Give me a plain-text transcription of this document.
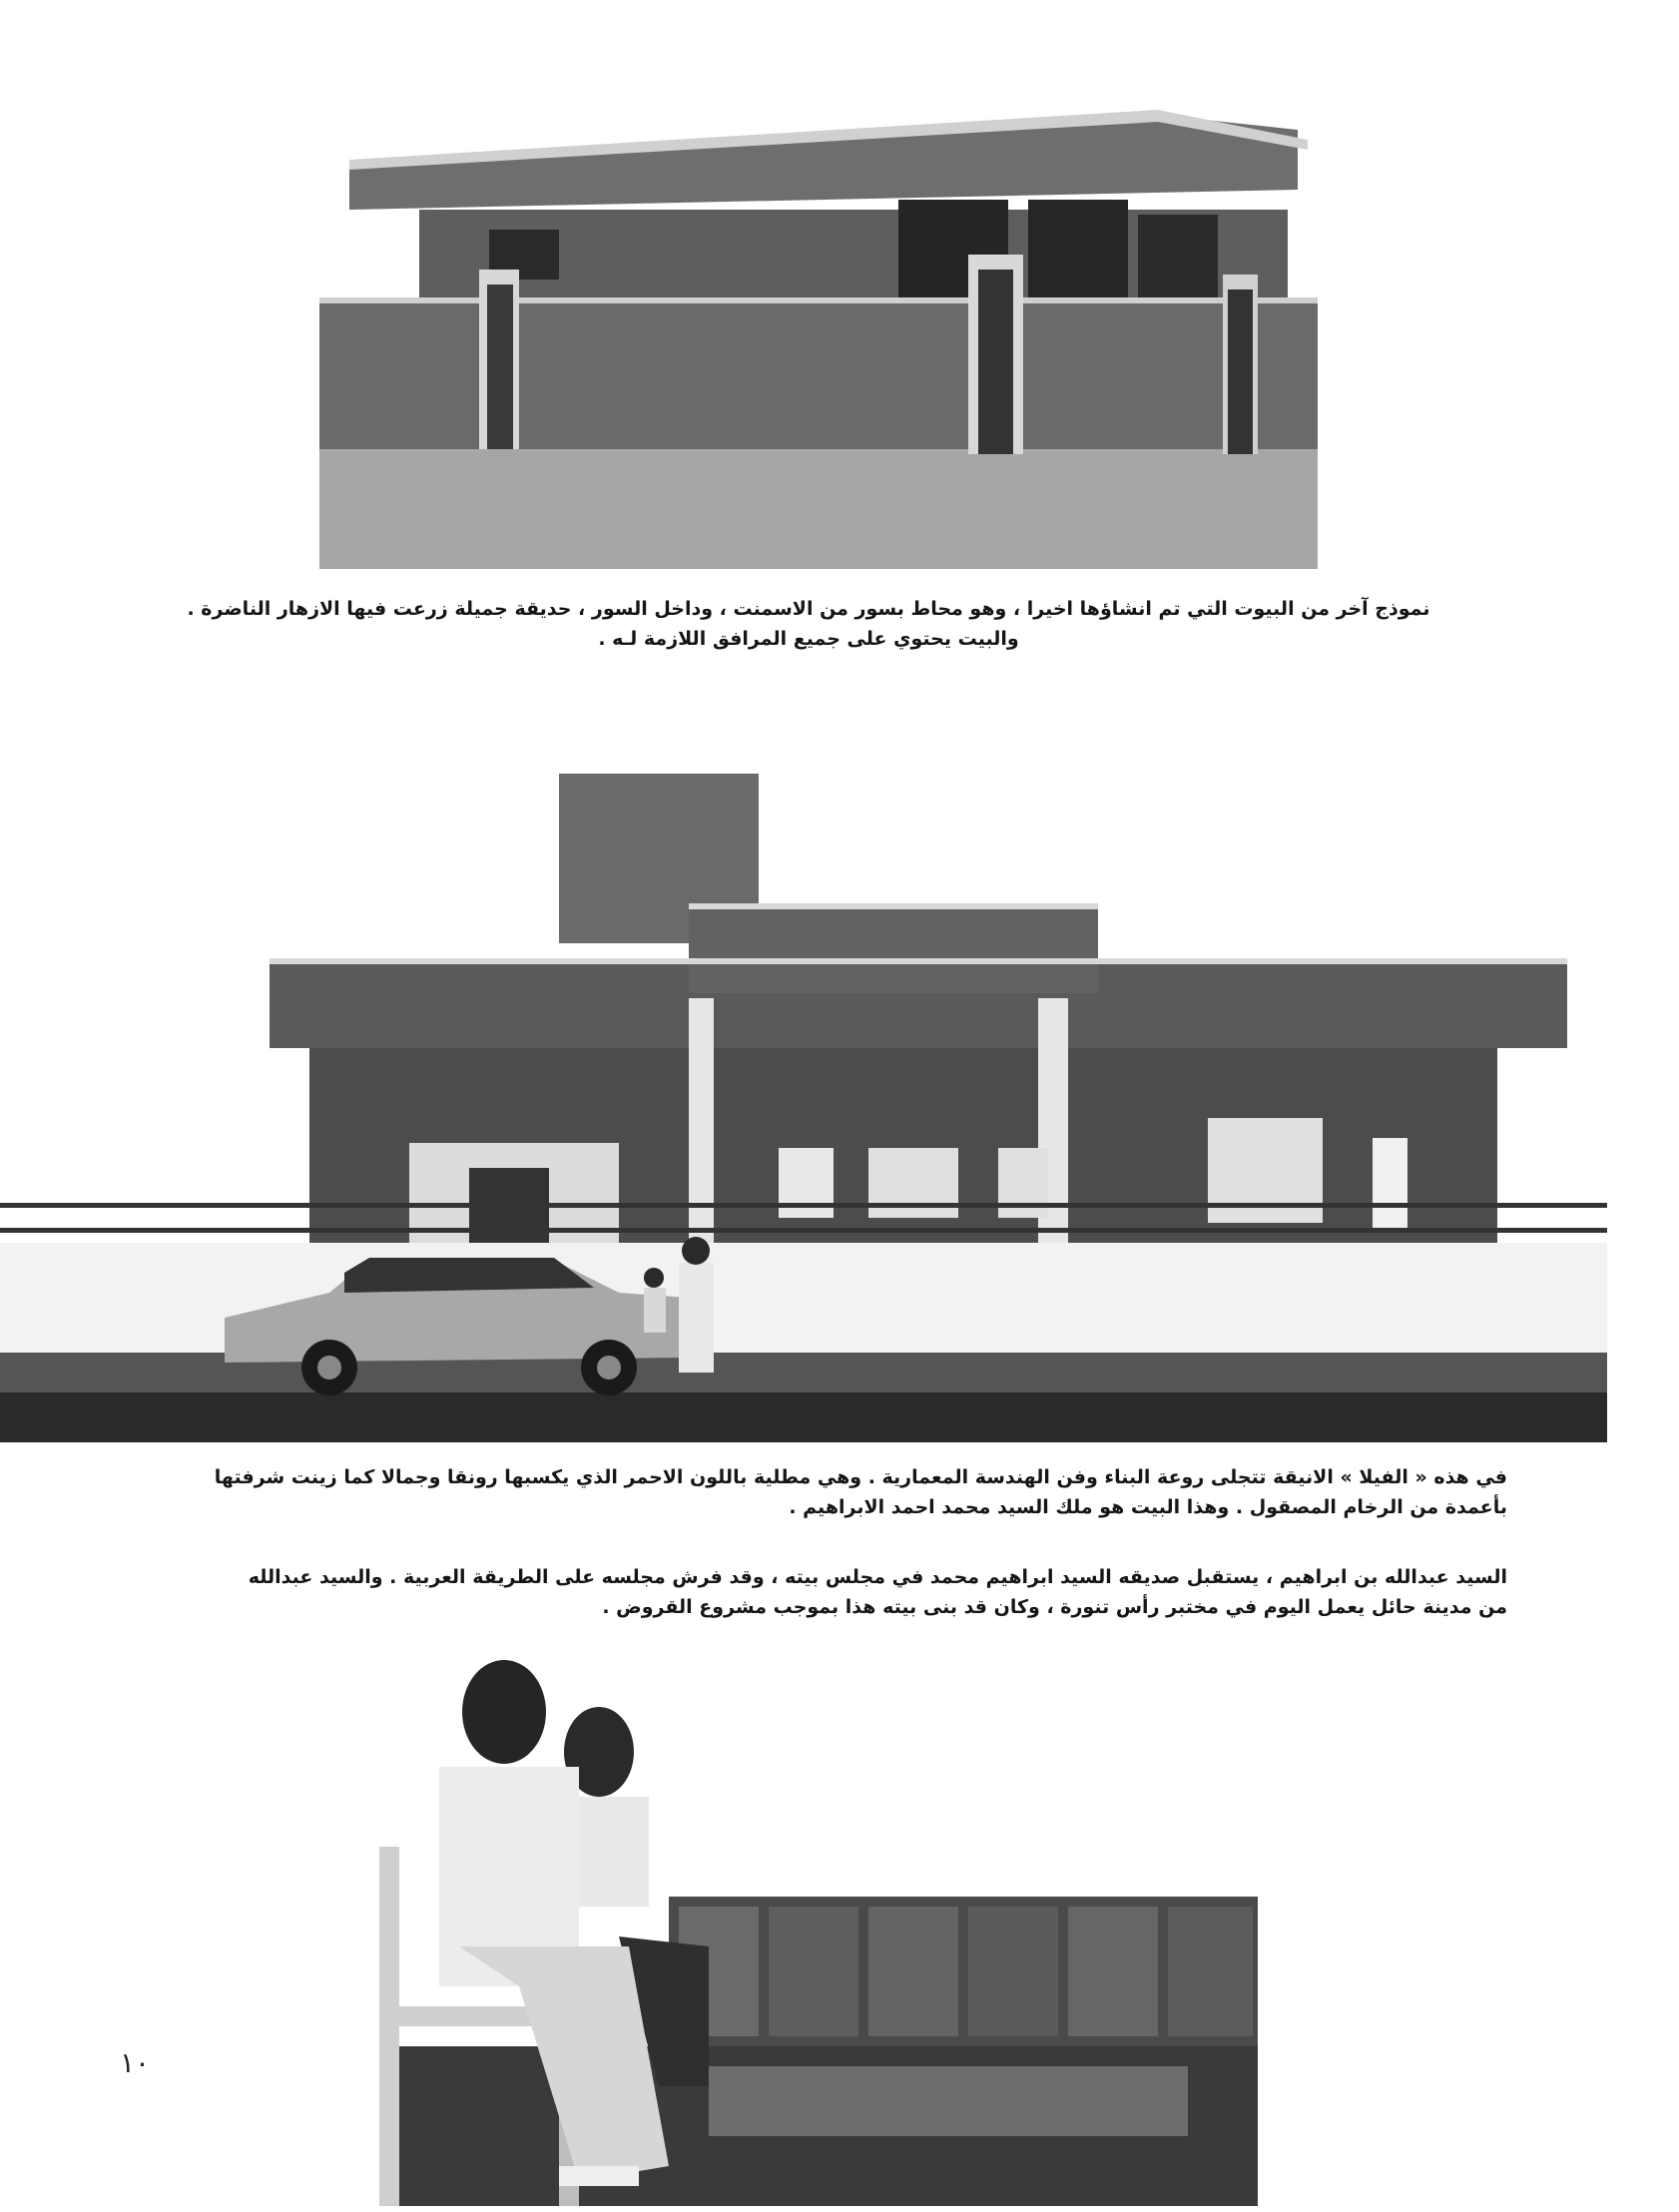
نموذج آخر من البيوت التي تم انشاؤها اخيرا ، وهو محاط بسور من الاسمنت ، وداخل السور ، حديقة جميلة زرعت فيها الازهار الناضرة .
والبيت يحتوي على جميع المرافق اللازمة لـه .
في هذه « الفيلا » الانيقة تتجلى روعة البناء وفن الهندسة المعمارية . وهي مطلية باللون الاحمر الذي يكسبها رونقا وجمالا كما زينت شرفتها
بأعمدة من الرخام المصقول . وهذا البيت هو ملك السيد محمد احمد الابراهيم .
السيد عبدالله بن ابراهيم ، يستقبل صديقه السيد ابراهيم محمد في مجلس بيته ، وقد فرش مجلسه على الطريقة العربية . والسيد عبدالله
من مدينة حائل يعمل اليوم في مختبر رأس تنورة ، وكان قد بنى بيته هذا بموجب مشروع القروض .
١٠
